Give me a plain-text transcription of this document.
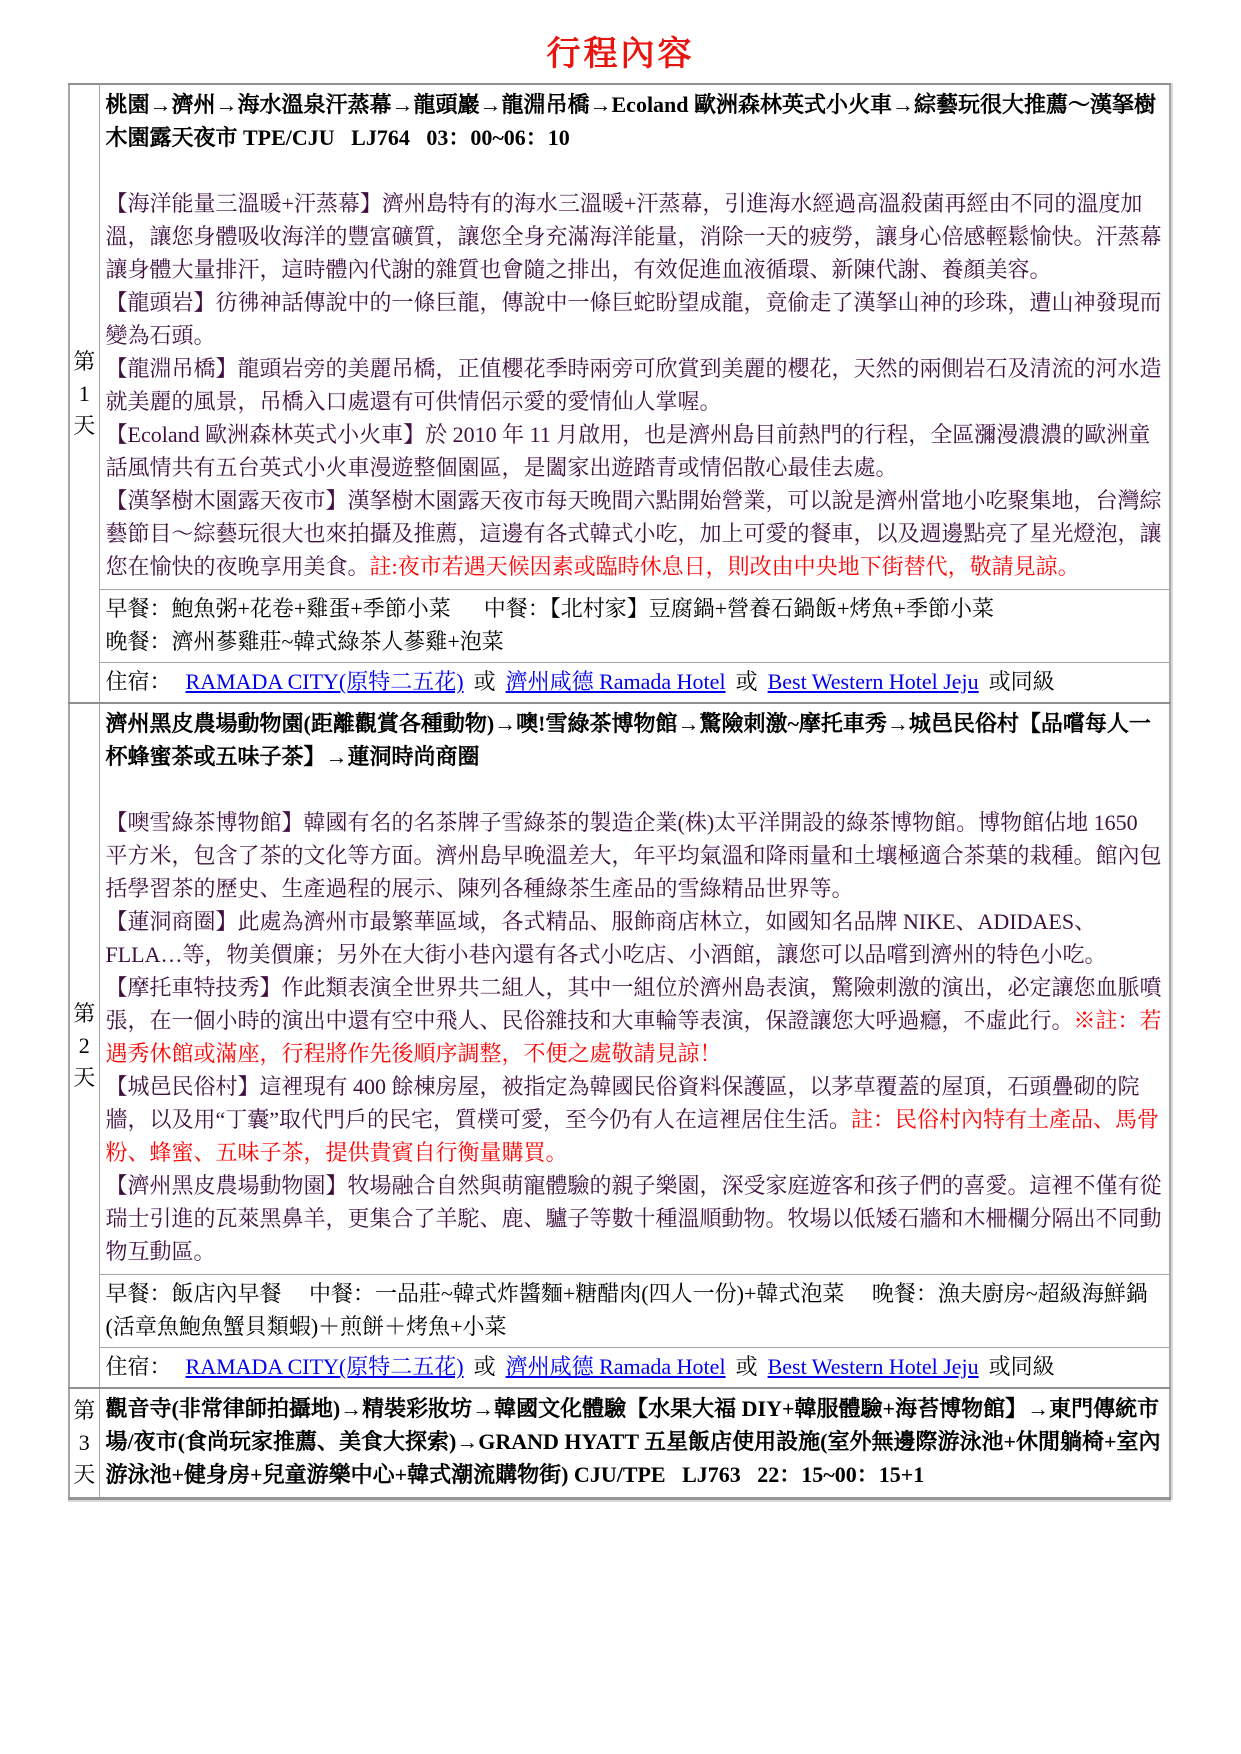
行程內容
第1天	
桃園→濟州→海水溫泉汗蒸幕→龍頭巖→龍淵吊橋→Ecoland 歐洲森林英式小火車→綜藝玩很大推薦～漢拏樹木園露天夜市 TPE/CJU   LJ764   03：00~06：10

【海洋能量三溫暖+汗蒸幕】濟州島特有的海水三溫暖+汗蒸幕，引進海水經過高溫殺菌再經由不同的溫度加溫，讓您身體吸收海洋的豐富礦質，讓您全身充滿海洋能量，消除一天的疲勞，讓身心倍感輕鬆愉快。汗蒸幕讓身體大量排汗，這時體內代謝的雜質也會隨之排出，有效促進血液循環、新陳代謝、養顏美容。

【龍頭岩】彷彿神話傳說中的一條巨龍，傳說中一條巨蛇盼望成龍，竟偷走了漢拏山神的珍珠，遭山神發現而變為石頭。

【龍淵吊橋】龍頭岩旁的美麗吊橋，正值櫻花季時兩旁可欣賞到美麗的櫻花，天然的兩側岩石及清流的河水造就美麗的風景，吊橋入口處還有可供情侶示愛的愛情仙人掌喔。

【Ecoland 歐洲森林英式小火車】於 2010 年 11 月啟用，也是濟州島目前熱門的行程，全區瀰漫濃濃的歐洲童話風情共有五台英式小火車漫遊整個園區，是闔家出遊踏青或情侶散心最佳去處。

【漢拏樹木園露天夜市】漢拏樹木園露天夜市每天晚間六點開始營業，可以說是濟州當地小吃聚集地，台灣綜藝節目～綜藝玩很大也來拍攝及推薦，這邊有各式韓式小吃，加上可愛的餐車，以及週邊點亮了星光燈泡，讓您在愉快的夜晚享用美食。註:夜市若遇天候因素或臨時休息日，則改由中央地下街替代，敬請見諒。

	早餐：鮑魚粥+花卷+雞蛋+季節小菜      中餐：【北村家】豆腐鍋+營養石鍋飯+烤魚+季節小菜
晚餐：濟州蔘雞莊~韓式綠茶人蔘雞+泡菜

	住宿： RAMADA CITY(原特二五花) 或 濟州咸德 Ramada Hotel 或 Best Western Hotel Jeju 或同級

第2天	
濟州黑皮農場動物園(距離觀賞各種動物)→噢!雪綠茶博物館→驚險刺激~摩托車秀→城邑民俗村【品嚐每人一杯蜂蜜茶或五味子茶】→蓮洞時尚商圈

【噢雪綠茶博物館】韓國有名的名茶牌子雪綠茶的製造企業(株)太平洋開設的綠茶博物館。博物館佔地 1650 平方米，包含了茶的文化等方面。濟州島早晚溫差大，年平均氣溫和降雨量和土壤極適合茶葉的栽種。館內包括學習茶的歷史、生產過程的展示、陳列各種綠茶生產品的雪綠精品世界等。

【蓮洞商圈】此處為濟州市最繁華區域，各式精品、服飾商店林立，如國知名品牌 NIKE、ADIDAES、FLLA…等，物美價廉；另外在大街小巷內還有各式小吃店、小酒館，讓您可以品嚐到濟州的特色小吃。

【摩托車特技秀】作此類表演全世界共二組人，其中一組位於濟州島表演，驚險刺激的演出，必定讓您血脈噴張，在一個小時的演出中還有空中飛人、民俗雜技和大車輪等表演，保證讓您大呼過癮，不虛此行。※註：若遇秀休館或滿座，行程將作先後順序調整，不便之處敬請見諒！

【城邑民俗村】這裡現有 400 餘棟房屋，被指定為韓國民俗資料保護區，以茅草覆蓋的屋頂，石頭疊砌的院牆，以及用“丁囊”取代門戶的民宅，質樸可愛，至今仍有人在這裡居住生活。註：民俗村內特有土產品、馬骨粉、蜂蜜、五味子茶，提供貴賓自行衡量購買。

【濟州黑皮農場動物園】牧場融合自然與萌寵體驗的親子樂園，深受家庭遊客和孩子們的喜愛。這裡不僅有從瑞士引進的瓦萊黑鼻羊，更集合了羊駝、鹿、驢子等數十種溫順動物。牧場以低矮石牆和木柵欄分隔出不同動物互動區。

	早餐：飯店內早餐     中餐：一品莊~韓式炸醬麵+糖醋肉(四人一份)+韓式泡菜     晚餐：漁夫廚房~超級海鮮鍋(活章魚鮑魚蟹貝類蝦)＋煎餅＋烤魚+小菜

	住宿： RAMADA CITY(原特二五花) 或 濟州咸德 Ramada Hotel 或 Best Western Hotel Jeju 或同級

第3天	觀音寺(非常律師拍攝地)→精裝彩妝坊→韓國文化體驗【水果大福 DIY+韓服體驗+海苔博物館】→東門傳統市場/夜市(食尚玩家推薦、美食大探索)→GRAND HYATT 五星飯店使用設施(室外無邊際游泳池+休閒躺椅+室內游泳池+健身房+兒童游樂中心+韓式潮流購物街) CJU/TPE   LJ763   22：15~00：15+1
